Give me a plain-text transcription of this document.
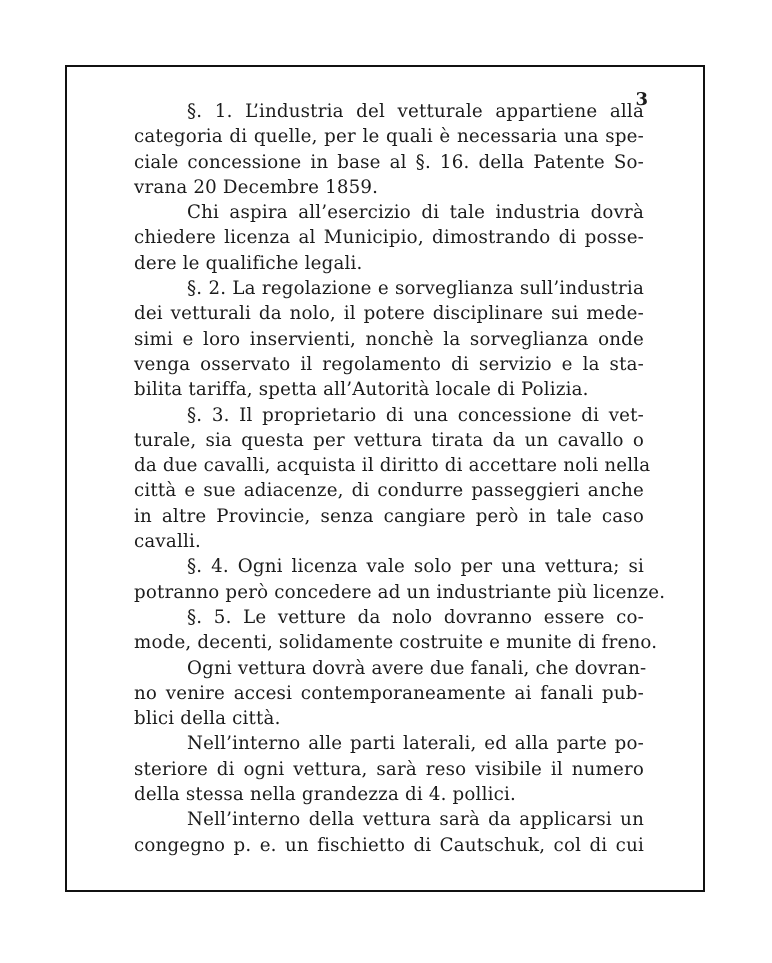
3
§. 1. L’industria del vetturale appartiene alla
categoria di quelle, per le quali è necessaria una spe-
ciale concessione in base al §. 16. della Patente So-
vrana 20 Decembre 1859.
Chi aspira all’esercizio di tale industria dovrà
chiedere licenza al Municipio, dimostrando di posse-
dere le qualifiche legali.
§. 2. La regolazione e sorveglianza sull’industria
dei vetturali da nolo, il potere disciplinare sui mede-
simi e loro inservienti, nonchè la sorveglianza onde
venga osservato il regolamento di servizio e la sta-
bilita tariffa, spetta all’Autorità locale di Polizia.
§. 3. Il proprietario di una concessione di vet-
turale, sia questa per vettura tirata da un cavallo o
da due cavalli, acquista il diritto di accettare noli nella
città e sue adiacenze, di condurre passeggieri anche
in altre Provincie, senza cangiare però in tale caso
cavalli.
§. 4. Ogni licenza vale solo per una vettura; si
potranno però concedere ad un industriante più licenze.
§. 5. Le vetture da nolo dovranno essere co-
mode, decenti, solidamente costruite e munite di freno.
Ogni vettura dovrà avere due fanali, che dovran-
no venire accesi contemporaneamente ai fanali pub-
blici della città.
Nell’interno alle parti laterali, ed alla parte po-
steriore di ogni vettura, sarà reso visibile il numero
della stessa nella grandezza di 4. pollici.
Nell’interno della vettura sarà da applicarsi un
congegno p. e. un fischietto di Cautschuk, col di cui
